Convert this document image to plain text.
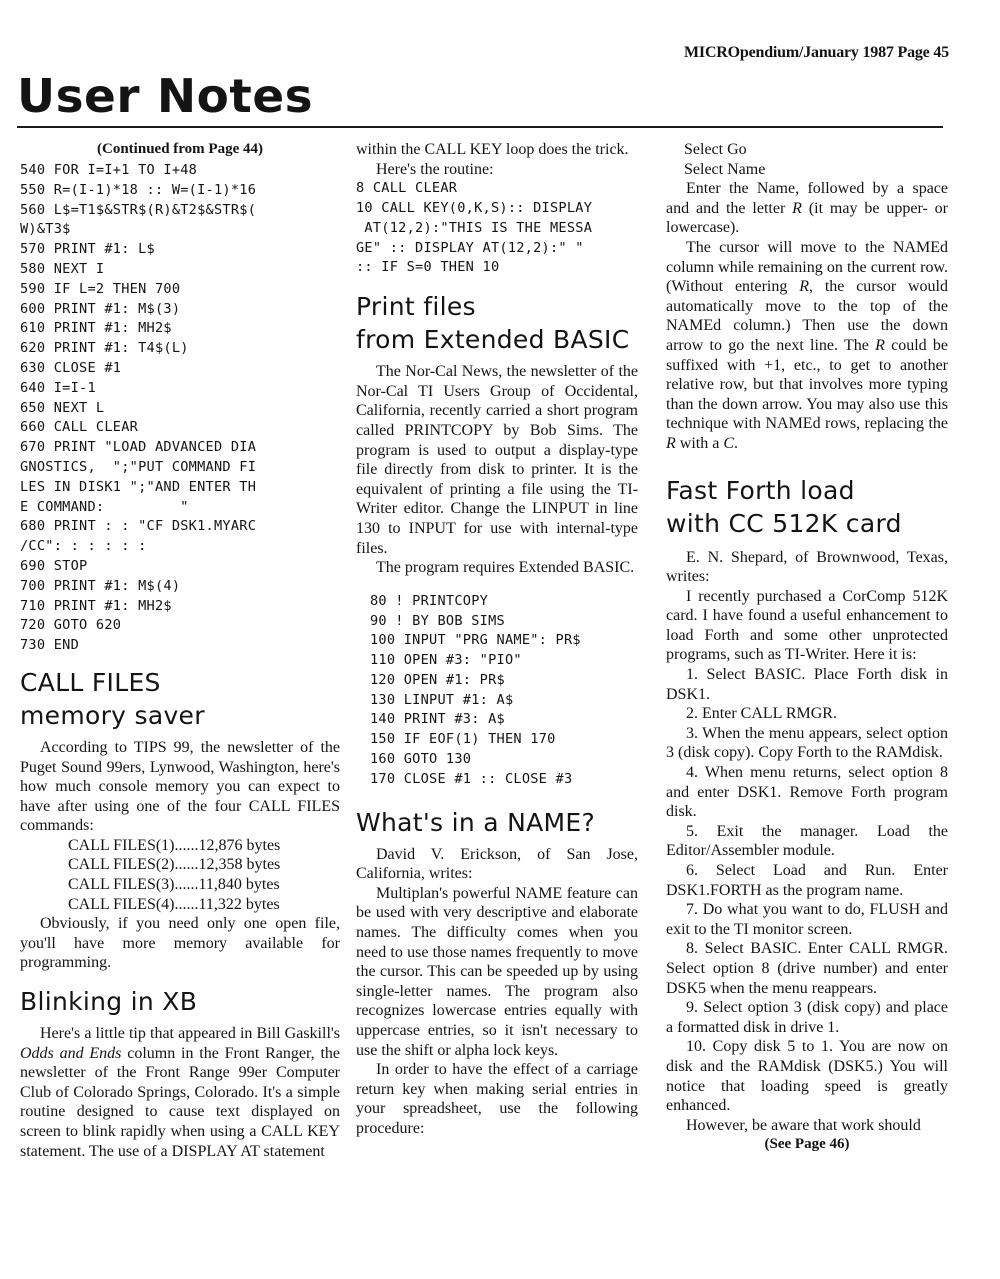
MICROpendium/January 1987 Page 45
User Notes

(Continued from Page 44)

540 FOR I=I+1 TO I+48
550 R=(I-1)*18 :: W=(I-1)*16
560 L$=T1$&STR$(R)&T2$&STR$(
W)&T3$
570 PRINT #1: L$
580 NEXT I
590 IF L=2 THEN 700
600 PRINT #1: M$(3)
610 PRINT #1: MH2$
620 PRINT #1: T4$(L)
630 CLOSE #1
640 I=I-1
650 NEXT L
660 CALL CLEAR
670 PRINT "LOAD ADVANCED DIA
GNOSTICS,  ";"PUT COMMAND FI
LES IN DISK1 ";"AND ENTER TH
E COMMAND:         "
680 PRINT : : "CF DSK1.MYARC
/CC": : : : : :
690 STOP
700 PRINT #1: M$(4)
710 PRINT #1: MH2$
720 GOTO 620
730 END

CALL FILES

memory saver

According to TIPS 99, the newsletter of the Puget Sound 99ers, Lynwood, Washington, here's how much console memory you can expect to have after using one of the four CALL FILES commands:

CALL FILES(1)......12,876 bytes

CALL FILES(2)......12,358 bytes

CALL FILES(3)......11,840 bytes

CALL FILES(4)......11,322 bytes

Obviously, if you need only one open file, you'll have more memory available for programming.

Blinking in XB

Here's a little tip that appeared in Bill Gaskill's Odds and Ends column in the Front Ranger, the newsletter of the Front Range 99er Computer Club of Colorado Springs, Colorado. It's a simple routine designed to cause text displayed on screen to blink rapidly when using a CALL KEY statement. The use of a DISPLAY AT statement

within the CALL KEY loop does the trick.

Here's the routine:

8 CALL CLEAR
10 CALL KEY(0,K,S):: DISPLAY
AT(12,2):"THIS IS THE MESSA
GE" :: DISPLAY AT(12,2):" "
:: IF S=0 THEN 10

Print files

from Extended BASIC

The Nor-Cal News, the newsletter of the Nor-Cal TI Users Group of Occidental, California, recently carried a short program called PRINTCOPY by Bob Sims. The program is used to output a display-type file directly from disk to printer. It is the equivalent of printing a file using the TI-Writer editor. Change the LINPUT in line 130 to INPUT for use with internal-type files.

The program requires Extended BASIC.

80 ! PRINTCOPY
90 ! BY BOB SIMS
100 INPUT "PRG NAME": PR$
110 OPEN #3: "PIO"
120 OPEN #1: PR$
130 LINPUT #1: A$
140 PRINT #3: A$
150 IF EOF(1) THEN 170
160 GOTO 130
170 CLOSE #1 :: CLOSE #3

What's in a NAME?

David V. Erickson, of San Jose, California, writes:

Multiplan's powerful NAME feature can be used with very descriptive and elaborate names. The difficulty comes when you need to use those names frequently to move the cursor. This can be speeded up by using single-letter names. The program also recognizes lowercase entries equally with uppercase entries, so it isn't necessary to use the shift or alpha lock keys.

In order to have the effect of a carriage return key when making serial entries in your spreadsheet, use the following procedure:

Select Go

Select Name

Enter the Name, followed by a space and and the letter R (it may be upper- or lowercase).

The cursor will move to the NAMEd column while remaining on the current row. (Without entering R, the cursor would automatically move to the top of the NAMEd column.) Then use the down arrow to go the next line. The R could be suffixed with +1, etc., to get to another relative row, but that involves more typing than the down arrow. You may also use this technique with NAMEd rows, replacing the R with a C.

Fast Forth load

with CC 512K card

E. N. Shepard, of Brownwood, Texas, writes:

I recently purchased a CorComp 512K card. I have found a useful enhancement to load Forth and some other unprotected programs, such as TI-Writer. Here it is:

1. Select BASIC. Place Forth disk in DSK1.

2. Enter CALL RMGR.

3. When the menu appears, select option 3 (disk copy). Copy Forth to the RAMdisk.

4. When menu returns, select option 8 and enter DSK1. Remove Forth program disk.

5. Exit the manager. Load the Editor/Assembler module.

6. Select Load and Run. Enter DSK1.FORTH as the program name.

7. Do what you want to do, FLUSH and exit to the TI monitor screen.

8. Select BASIC. Enter CALL RMGR. Select option 8 (drive number) and enter DSK5 when the menu reappears.

9. Select option 3 (disk copy) and place a formatted disk in drive 1.

10. Copy disk 5 to 1. You are now on disk and the RAMdisk (DSK5.) You will notice that loading speed is greatly enhanced.

However, be aware that work should

(See Page 46)
